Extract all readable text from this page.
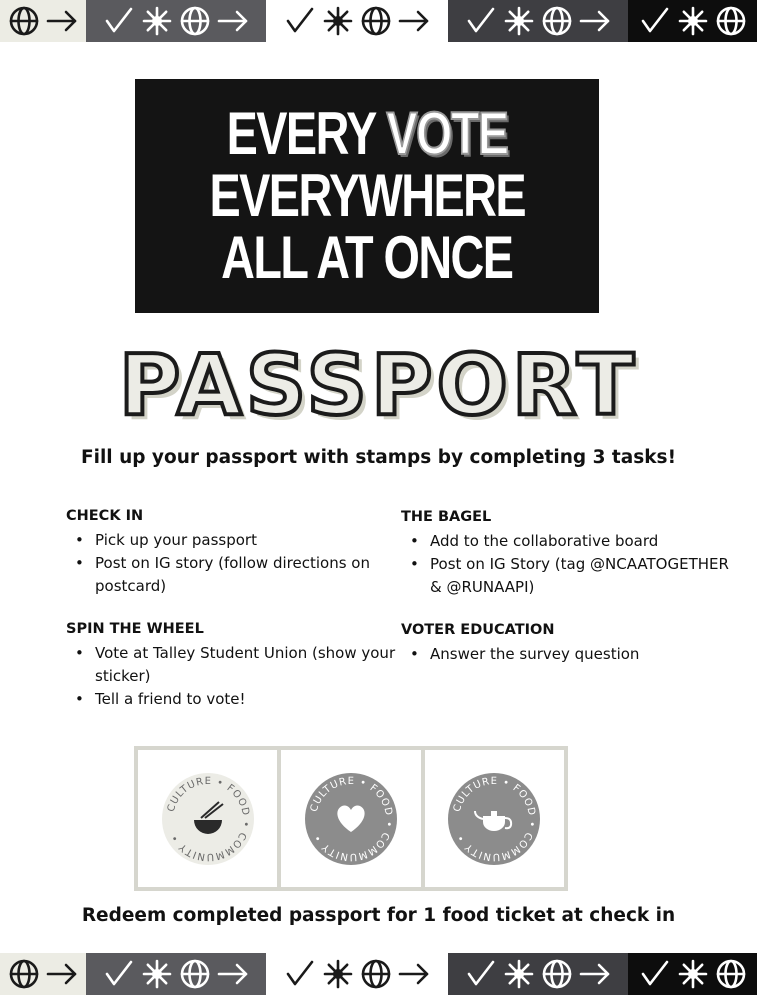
EVERY VOTE
EVERYWHERE
ALL AT ONCE
PASSPORT
Fill up your passport with stamps by completing 3 tasks!
CHECK IN
• Pick up your passport
• Post on IG story (follow directions on postcard)
SPIN THE WHEEL
• Vote at Talley Student Union (show your sticker)
• Tell a friend to vote!
THE BAGEL
• Add to the collaborative board
• Post on IG Story (tag @NCAATOGETHER & @RUNAAPI)
VOTER EDUCATION
• Answer the survey question
CULTURE • FOOD • COMMUNITY •
CULTURE • FOOD • COMMUNITY •
CULTURE • FOOD • COMMUNITY •
Redeem completed passport for 1 food ticket at check in
